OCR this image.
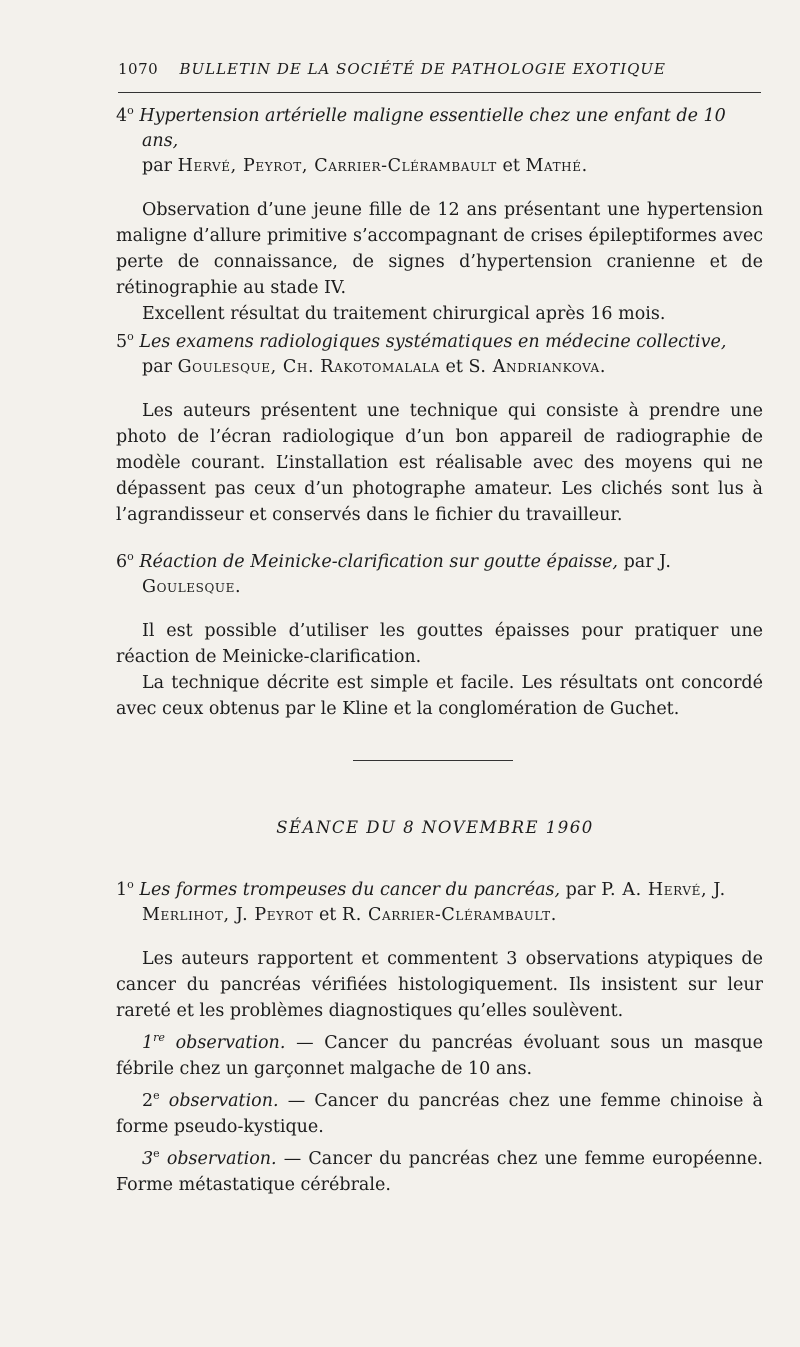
1070 BULLETIN DE LA SOCIÉTÉ DE PATHOLOGIE EXOTIQUE
4$^o$ Hypertension artérielle maligne essentielle chez une enfant de 10 ans,
par Hervé, Peyrot, Carrier-Clérambault et Mathé.
Observation d’une jeune fille de 12 ans présentant une hypertension maligne d’allure primitive s’accompagnant de crises épileptiformes avec perte de connaissance, de signes d’hypertension cranienne et de rétinographie au stade IV.
Excellent résultat du traitement chirurgical après 16 mois.
5$^o$ Les examens radiologiques systématiques en médecine collective,
par Goulesque, Ch. Rakotomalala et S. Andriankova.
Les auteurs présentent une technique qui consiste à prendre une photo de l’écran radiologique d’un bon appareil de radiographie de modèle courant. L’installation est réalisable avec des moyens qui ne dépassent pas ceux d’un photographe amateur. Les clichés sont lus à l’agrandisseur et conservés dans le fichier du travailleur.
6$^o$ Réaction de Meinicke-clarification sur goutte épaisse, par J. Goulesque.
Il est possible d’utiliser les gouttes épaisses pour pratiquer une réaction de Meinicke-clarification.
La technique décrite est simple et facile. Les résultats ont concordé avec ceux obtenus par le Kline et la conglomération de Guchet.
SÉANCE DU 8 NOVEMBRE 1960
1$^o$ Les formes trompeuses du cancer du pancréas, par P. A. Hervé, J. Merlihot, J. Peyrot et R. Carrier-Clérambault.
Les auteurs rapportent et commentent 3 observations atypiques de cancer du pancréas vérifiées histologiquement. Ils insistent sur leur rareté et les problèmes diagnostiques qu’elles soulèvent.
1re observation. — Cancer du pancréas évoluant sous un masque fébrile chez un garçonnet malgache de 10 ans.
2e observation. — Cancer du pancréas chez une femme chinoise à forme pseudo-kystique.
3e observation. — Cancer du pancréas chez une femme européenne. Forme métastatique cérébrale.
